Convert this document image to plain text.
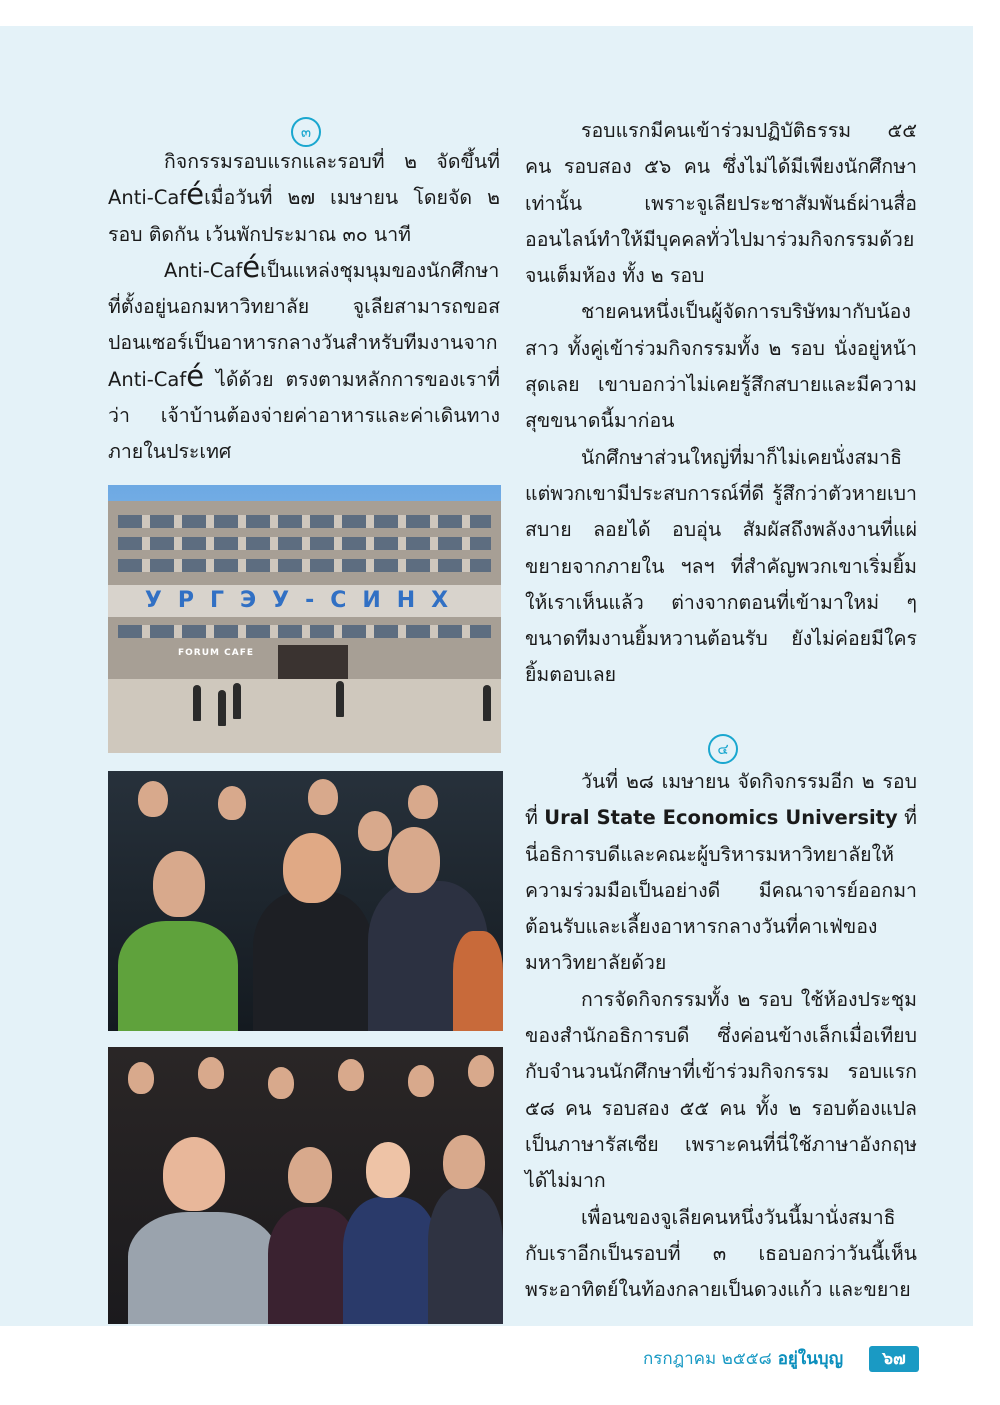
๓

กิจกรรมรอบแรกและรอบที่ ๒ จัดขึ้นที่ Anti-Caféเมื่อวันที่ ๒๗ เมษายน โดยจัด ๒ รอบ ติดกัน เว้นพักประมาณ ๓๐ นาที

Anti-Caféเป็นแหล่งชุมนุมของนักศึกษาที่ตั้งอยู่นอกมหาวิทยาลัย จูเลียสามารถขอสปอนเซอร์เป็นอาหารกลางวันสำหรับทีมงานจาก Anti-Café ได้ด้วย ตรงตามหลักการของเราที่ว่า เจ้าบ้านต้องจ่ายค่าอาหารและค่าเดินทางภายในประเทศ

УРГЭУ-СИНХ
FORUM CAFE

รอบแรกมีคนเข้าร่วมปฏิบัติธรรม ๕๕ คน รอบสอง ๕๖ คน ซึ่งไม่ได้มีเพียงนักศึกษาเท่านั้น เพราะจูเลียประชาสัมพันธ์ผ่านสื่อออนไลน์ทำให้มีบุคคลทั่วไปมาร่วมกิจกรรมด้วยจนเต็มห้อง ทั้ง ๒ รอบ

ชายคนหนึ่งเป็นผู้จัดการบริษัทมากับน้องสาว ทั้งคู่เข้าร่วมกิจกรรมทั้ง ๒ รอบ นั่งอยู่หน้าสุดเลย เขาบอกว่าไม่เคยรู้สึกสบายและมีความสุขขนาดนี้มาก่อน

นักศึกษาส่วนใหญ่ที่มาก็ไม่เคยนั่งสมาธิ แต่พวกเขามีประสบการณ์ที่ดี รู้สึกว่าตัวหายเบาสบาย ลอยได้ อบอุ่น สัมผัสถึงพลังงานที่แผ่ขยายจากภายใน ฯลฯ ที่สำคัญพวกเขาเริ่มยิ้มให้เราเห็นแล้ว ต่างจากตอนที่เข้ามาใหม่ ๆ ขนาดทีมงานยิ้มหวานต้อนรับ ยังไม่ค่อยมีใครยิ้มตอบเลย

๔

วันที่ ๒๘ เมษายน จัดกิจกรรมอีก ๒ รอบ ที่ Ural State Economics University ที่นี่อธิการบดีและคณะผู้บริหารมหาวิทยาลัยให้ความร่วมมือเป็นอย่างดี มีคณาจารย์ออกมาต้อนรับและเลี้ยงอาหารกลางวันที่คาเฟ่ของมหาวิทยาลัยด้วย

การจัดกิจกรรมทั้ง ๒ รอบ ใช้ห้องประชุมของสำนักอธิการบดี ซึ่งค่อนข้างเล็กเมื่อเทียบกับจำนวนนักศึกษาที่เข้าร่วมกิจกรรม รอบแรก ๕๘ คน รอบสอง ๕๕ คน ทั้ง ๒ รอบต้องแปลเป็นภาษารัสเซีย เพราะคนที่นี่ใช้ภาษาอังกฤษได้ไม่มาก

เพื่อนของจูเลียคนหนึ่งวันนี้มานั่งสมาธิกับเราอีกเป็นรอบที่ ๓ เธอบอกว่าวันนี้เห็นพระอาทิตย์ในท้องกลายเป็นดวงแก้ว และขยาย

กรกฎาคม ๒๕๕๘ อยู่ในบุญ	๖๗
